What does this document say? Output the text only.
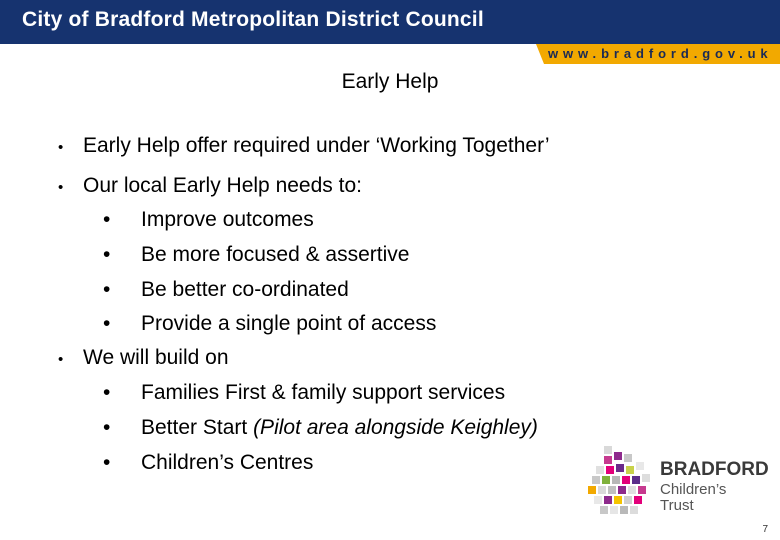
City of Bradford Metropolitan District Council
www.bradford.gov.uk
Early Help
• Early Help offer required under ‘Working Together’
• Our local Early Help needs to:
• Improve outcomes
• Be more focused & assertive
• Be better co-ordinated
• Provide a single point of access
• We will build on
• Families First & family support services
• Better Start (Pilot area alongside Keighley)
• Children’s Centres	BRADFORD
Children’s
Trust
7
